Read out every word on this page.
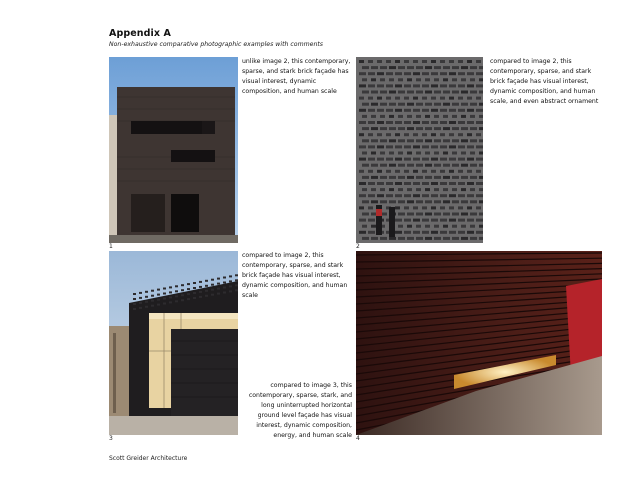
Appendix A
Non-exhaustive comparative photographic examples with comments
1
unlike image 2, this contemporary, sparse, and stark brick façade has visual interest, dynamic composition, and human scale
2
compared to image 2, this contemporary, sparse, and stark brick façade has visual interest, dynamic composition, and human scale, and even abstract ornament
3
compared to image 2, this contemporary, sparse, and stark brick façade has visual interest, dynamic composition, and human scale
compared to image 3, this contemporary, sparse, stark, and long uninterrupted horizontal ground level façade has visual interest, dynamic composition, energy, and human scale 4
Scott Greider Architecture
